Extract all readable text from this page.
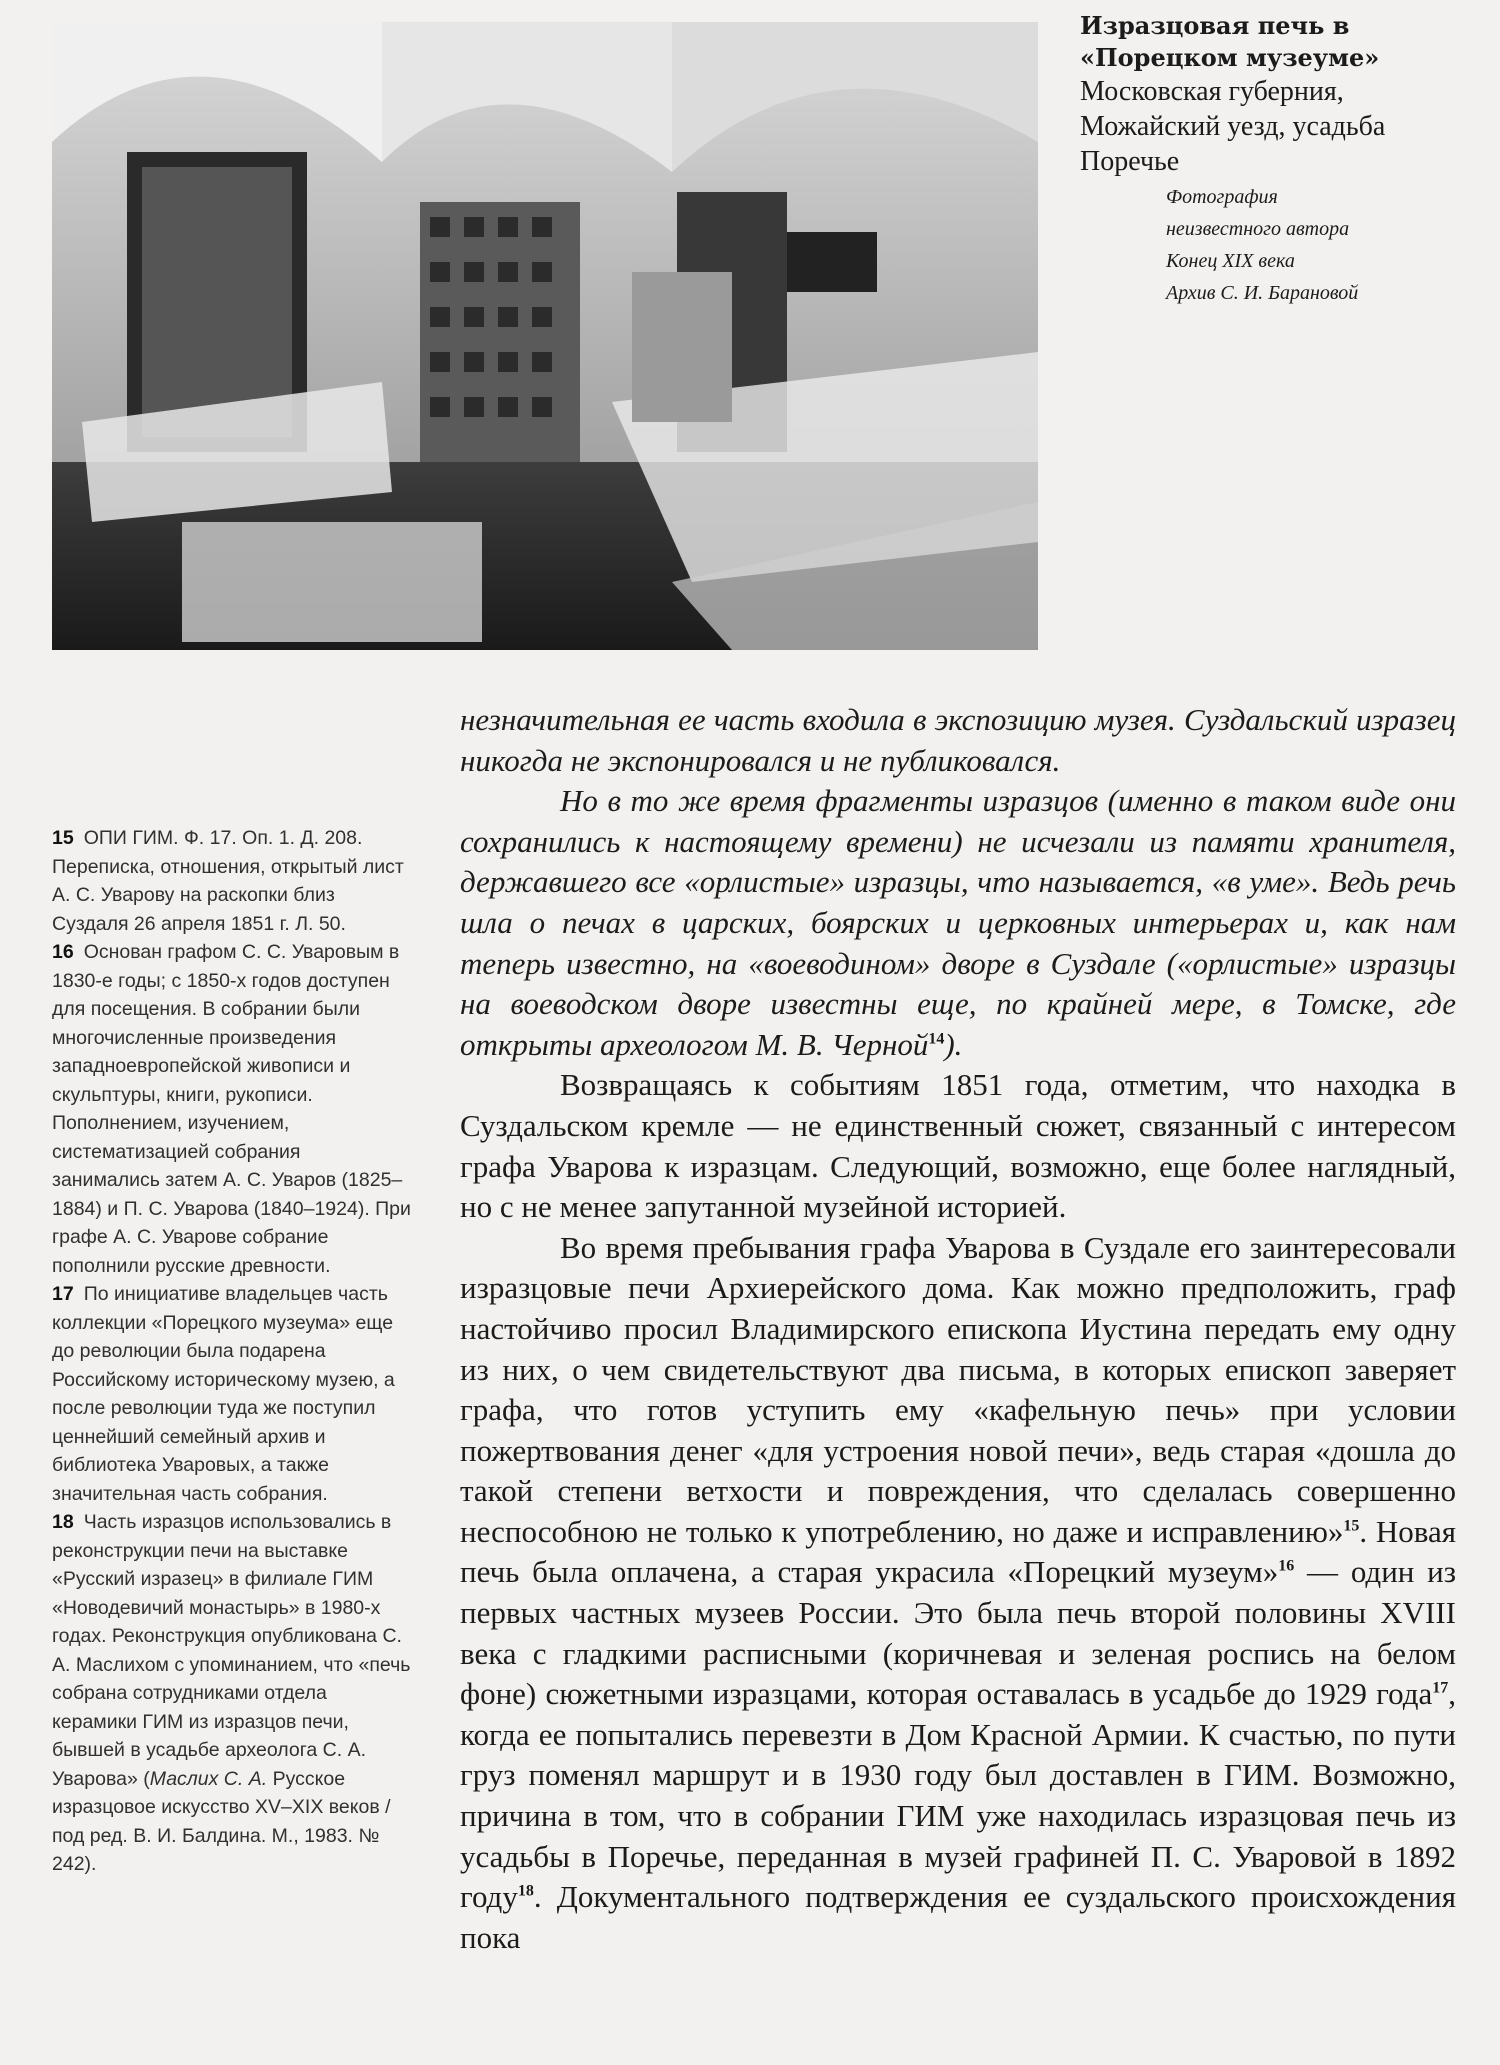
Изразцовая печь в «Порецком музеуме»
Московская губерния, Можайский уезд, усадьба Поречье
Фотография
неизвестного автора
Конец XIX века
Архив С. И. Барановой

15 ОПИ ГИМ. Ф. 17. Оп. 1. Д. 208. Переписка, отношения, открытый лист А. С. Уварову на раскопки близ Суздаля 26 апреля 1851 г. Л. 50.

16 Основан графом С. С. Уваровым в 1830-е годы; с 1850-х годов доступен для посещения. В собрании были многочисленные произведения западноевропейской живописи и скульптуры, книги, рукописи. Пополнением, изучением, систематизацией собрания занимались затем А. С. Уваров (1825–1884) и П. С. Уварова (1840–1924). При графе А. С. Уварове собрание пополнили русские древности.

17 По инициативе владельцев часть коллекции «Порецкого музеума» еще до революции была подарена Российскому историческому музею, а после революции туда же поступил ценнейший семейный архив и библиотека Уваровых, а также значительная часть собрания.

18 Часть изразцов использовались в реконструкции печи на выставке «Русский изразец» в филиале ГИМ «Новодевичий монастырь» в 1980-х годах. Реконструкция опубликована С. А. Маслихом с упоминанием, что «печь собрана сотрудниками отдела керамики ГИМ из изразцов печи, бывшей в усадьбе археолога С. А. Уварова» (Маслих С. А. Русское изразцовое искусство XV–XIX веков / под ред. В. И. Балдина. М., 1983. № 242).

незначительная ее часть входила в экспозицию музея. Суздальский изразец никогда не экспонировался и не публиковался.

Но в то же время фрагменты изразцов (именно в таком виде они сохранились к настоящему времени) не исчезали из памяти хранителя, державшего все «орлистые» изразцы, что называется, «в уме». Ведь речь шла о печах в царских, боярских и церковных интерьерах и, как нам теперь известно, на «воеводином» дворе в Суздале («орлистые» изразцы на воеводском дворе известны еще, по крайней мере, в Томске, где открыты археологом М. В. Черной$^{14}$).

Возвращаясь к событиям 1851 года, отметим, что находка в Суздальском кремле — не единственный сюжет, связанный с интересом графа Уварова к изразцам. Следующий, возможно, еще более наглядный, но с не менее запутанной музейной историей.

Во время пребывания графа Уварова в Суздале его заинтересовали изразцовые печи Архиерейского дома. Как можно предположить, граф настойчиво просил Владимирского епископа Иустина передать ему одну из них, о чем свидетельствуют два письма, в которых епископ заверяет графа, что готов уступить ему «кафельную печь» при условии пожертвования денег «для устроения новой печи», ведь старая «дошла до такой степени ветхости и повреждения, что сделалась совершенно неспособною не только к употреблению, но даже и исправлению»$^{15}$. Новая печь была оплачена, а старая украсила «Порецкий музеум»$^{16}$ — один из первых частных музеев России. Это была печь второй половины XVIII века с гладкими расписными (коричневая и зеленая роспись на белом фоне) сюжетными изразцами, которая оставалась в усадьбе до 1929 года$^{17}$, когда ее попытались перевезти в Дом Красной Армии. К счастью, по пути груз поменял маршрут и в 1930 году был доставлен в ГИМ. Возможно, причина в том, что в собрании ГИМ уже находилась изразцовая печь из усадьбы в Поречье, переданная в музей графиней П. С. Уваровой в 1892 году$^{18}$. Документального подтверждения ее суздальского происхождения пока
